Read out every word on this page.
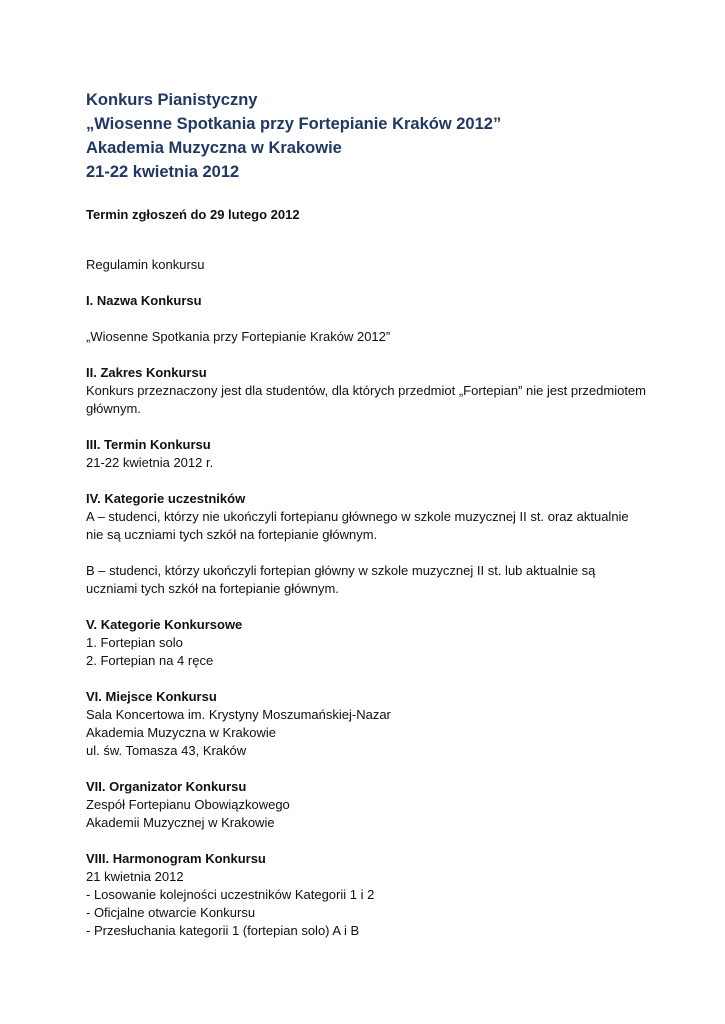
Konkurs Pianistyczny
„Wiosenne Spotkania przy Fortepianie Kraków 2012”
Akademia Muzyczna w Krakowie
21-22 kwietnia 2012
Termin zgłoszeń do 29 lutego 2012
Regulamin konkursu
I. Nazwa Konkursu
„Wiosenne Spotkania przy Fortepianie Kraków 2012”
II. Zakres Konkursu
Konkurs przeznaczony jest dla studentów, dla których przedmiot „Fortepian” nie jest przedmiotem głównym.
III. Termin Konkursu
21-22 kwietnia 2012 r.
IV. Kategorie uczestników
A – studenci, którzy nie ukończyli fortepianu głównego w szkole muzycznej II st. oraz aktualnie nie są uczniami tych szkół na fortepianie głównym.
B – studenci, którzy ukończyli fortepian główny w szkole muzycznej II st. lub aktualnie są uczniami tych szkół na fortepianie głównym.
V. Kategorie Konkursowe
1. Fortepian solo
2. Fortepian na 4 ręce
VI. Miejsce Konkursu
Sala Koncertowa im. Krystyny Moszumańskiej-Nazar
Akademia Muzyczna w Krakowie
ul. św. Tomasza 43, Kraków
VII. Organizator Konkursu
Zespół Fortepianu Obowiązkowego
Akademii Muzycznej w Krakowie
VIII. Harmonogram Konkursu
21 kwietnia 2012
- Losowanie kolejności uczestników Kategorii 1 i 2
- Oficjalne otwarcie Konkursu
- Przesłuchania kategorii 1 (fortepian solo) A i B
